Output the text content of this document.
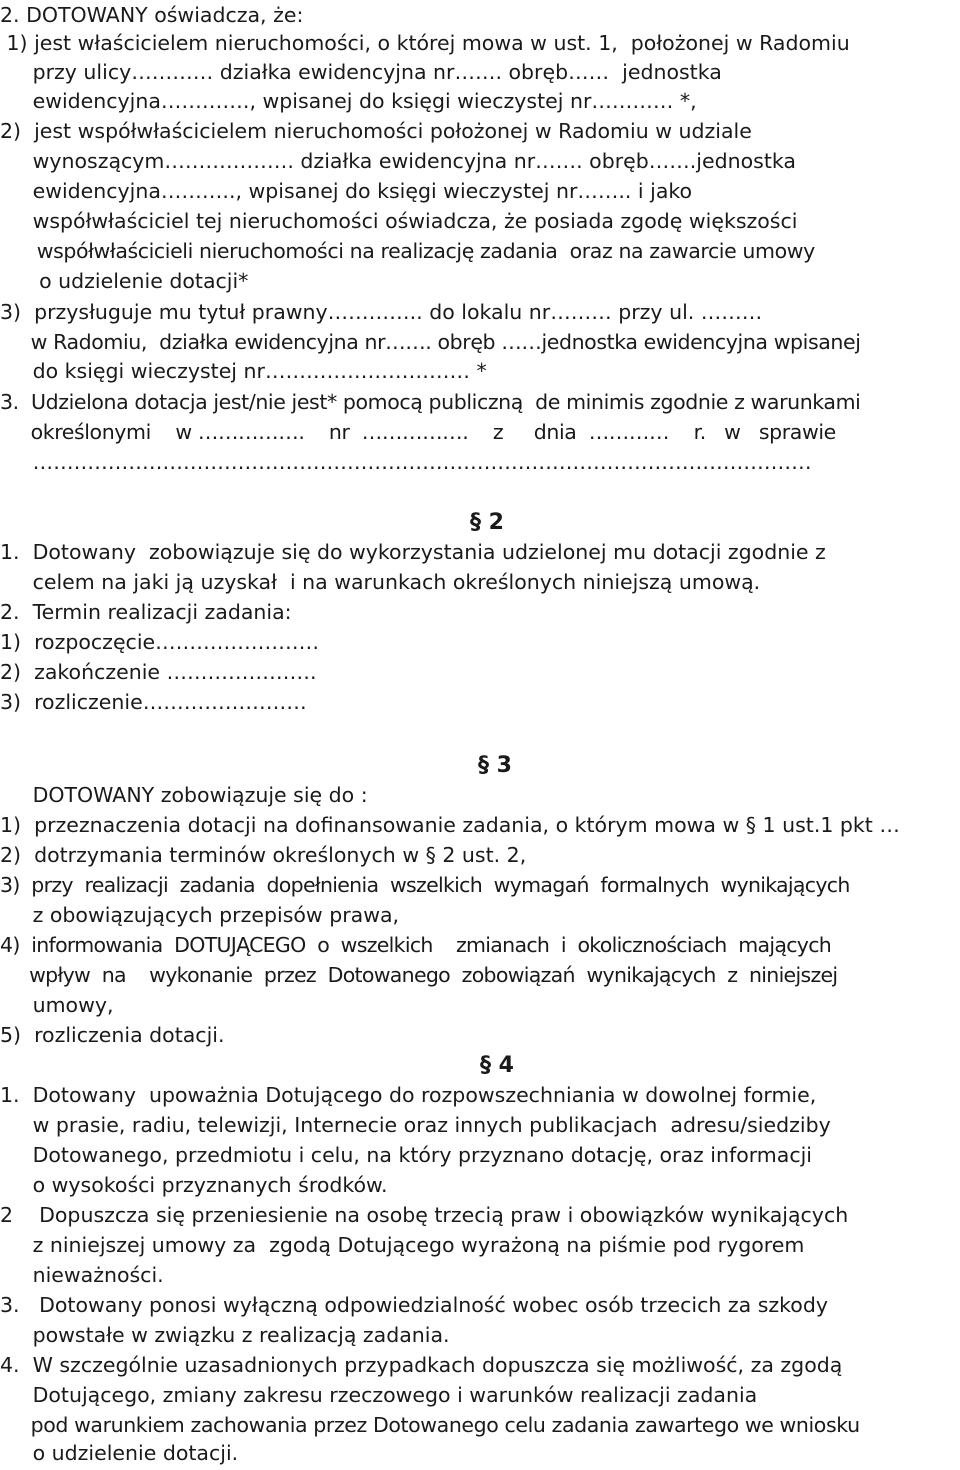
2. DOTOWANY oświadcza, że:
1) jest właścicielem nieruchomości, o której mowa w ust. 1,  położonej w Radomiu
przy ulicy………… działka ewidencyjna nr……. obręb……  jednostka
ewidencyjna…………., wpisanej do księgi wieczystej nr………… *,
2)  jest współwłaścicielem nieruchomości położonej w Radomiu w udziale
wynoszącym………………. działka ewidencyjna nr……. obręb…….jednostka
ewidencyjna……….., wpisanej do księgi wieczystej nr…….. i jako
współwłaściciel tej nieruchomości oświadcza, że posiada zgodę większości
współwłaścicieli nieruchomości na realizację zadania  oraz na zawarcie umowy
o udzielenie dotacji*
3)  przysługuje mu tytuł prawny………….. do lokalu nr……… przy ul. ………
w Radomiu,  działka ewidencyjna nr……. obręb ……jednostka ewidencyjna wpisanej
do księgi wieczystej nr………………………… *
3.  Udzielona dotacja jest/nie jest* pomocą publiczną  de minimis zgodnie z warunkami
określonymi    w …………….    nr  …………….    z     dnia  …………    r.   w   sprawie
……………………………………………………………………………………………………
§ 2
1.  Dotowany  zobowiązuje się do wykorzystania udzielonej mu dotacji zgodnie z
celem na jaki ją uzyskał  i na warunkach określonych niniejszą umową.
2.  Termin realizacji zadania:
1)  rozpoczęcie……………………
2)  zakończenie ………………….
3)  rozliczenie……………………
§ 3
DOTOWANY zobowiązuje się do :
1)  przeznaczenia dotacji na dofinansowanie zadania, o którym mowa w § 1 ust.1 pkt …
2)  dotrzymania terminów określonych w § 2 ust. 2,
3)  przy  realizacji  zadania  dopełnienia  wszelkich  wymagań  formalnych  wynikających
z obowiązujących przepisów prawa,
4)  informowania  DOTUJĄCEGO  o  wszelkich    zmianach  i  okolicznościach  mających
wpływ  na    wykonanie  przez  Dotowanego  zobowiązań  wynikających  z  niniejszej
umowy,
5)  rozliczenia dotacji.
§ 4
1.  Dotowany  upoważnia Dotującego do rozpowszechniania w dowolnej formie,
w prasie, radiu, telewizji, Internecie oraz innych publikacjach  adresu/siedziby
Dotowanego, przedmiotu i celu, na który przyznano dotację, oraz informacji
o wysokości przyznanych środków.
2    Dopuszcza się przeniesienie na osobę trzecią praw i obowiązków wynikających
z niniejszej umowy za  zgodą Dotującego wyrażoną na piśmie pod rygorem
nieważności.
3.   Dotowany ponosi wyłączną odpowiedzialność wobec osób trzecich za szkody
powstałe w związku z realizacją zadania.
4.  W szczególnie uzasadnionych przypadkach dopuszcza się możliwość, za zgodą
Dotującego, zmiany zakresu rzeczowego i warunków realizacji zadania
pod warunkiem zachowania przez Dotowanego celu zadania zawartego we wniosku
o udzielenie dotacji.
